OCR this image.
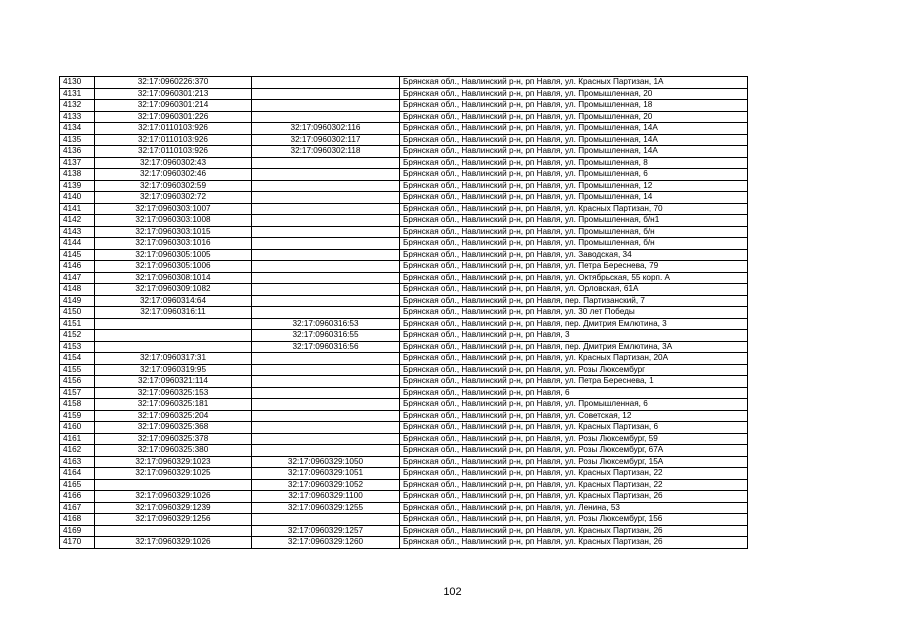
4130	32:17:0960226:370		Брянская обл., Навлинский р-н, рп Навля, ул. Красных Партизан, 1А
4131	32:17:0960301:213		Брянская обл., Навлинский р-н, рп Навля, ул. Промышленная, 20
4132	32:17:0960301:214		Брянская обл., Навлинский р-н, рп Навля, ул. Промышленная, 18
4133	32:17:0960301:226		Брянская обл., Навлинский р-н, рп Навля, ул. Промышленная, 20
4134	32:17:0110103:926	32:17:0960302:116	Брянская обл., Навлинский р-н, рп Навля, ул. Промышленная, 14А
4135	32:17:0110103:926	32:17:0960302:117	Брянская обл., Навлинский р-н, рп Навля, ул. Промышленная, 14А
4136	32:17:0110103:926	32:17:0960302:118	Брянская обл., Навлинский р-н, рп Навля, ул. Промышленная, 14А
4137	32:17:0960302:43		Брянская обл., Навлинский р-н, рп Навля, ул. Промышленная, 8
4138	32:17:0960302:46		Брянская обл., Навлинский р-н, рп Навля, ул. Промышленная, 6
4139	32:17:0960302:59		Брянская обл., Навлинский р-н, рп Навля, ул. Промышленная, 12
4140	32:17:0960302:72		Брянская обл., Навлинский р-н, рп Навля, ул. Промышленная, 14
4141	32:17:0960303:1007		Брянская обл., Навлинский р-н, рп Навля, ул. Красных Партизан, 70
4142	32:17:0960303:1008		Брянская обл., Навлинский р-н, рп Навля, ул. Промышленная, б/н1
4143	32:17:0960303:1015		Брянская обл., Навлинский р-н, рп Навля, ул. Промышленная, б/н
4144	32:17:0960303:1016		Брянская обл., Навлинский р-н, рп Навля, ул. Промышленная, б/н
4145	32:17:0960305:1005		Брянская обл., Навлинский р-н, рп Навля, ул. Заводская, 34
4146	32:17:0960305:1006		Брянская обл., Навлинский р-н, рп Навля, ул. Петра Береснева, 79
4147	32:17:0960308:1014		Брянская обл., Навлинский р-н, рп Навля, ул. Октябрьская, 55 корп. А
4148	32:17:0960309:1082		Брянская обл., Навлинский р-н, рп Навля, ул. Орловская, 61А
4149	32:17:0960314:64		Брянская обл., Навлинский р-н, рп Навля, пер. Партизанский, 7
4150	32:17:0960316:11		Брянская обл., Навлинский р-н, рп Навля, ул. 30 лет Победы
4151		32:17:0960316:53	Брянская обл., Навлинский р-н, рп Навля, пер. Дмитрия Емлютина, 3
4152		32:17:0960316:55	Брянская обл., Навлинский р-н, рп Навля, 3
4153		32:17:0960316:56	Брянская обл., Навлинский р-н, рп Навля, пер. Дмитрия Емлютина, 3А
4154	32:17:0960317:31		Брянская обл., Навлинский р-н, рп Навля, ул. Красных Партизан, 20А
4155	32:17:0960319:95		Брянская обл., Навлинский р-н, рп Навля, ул. Розы Люксембург
4156	32:17:0960321:114		Брянская обл., Навлинский р-н, рп Навля, ул. Петра Береснева, 1
4157	32:17:0960325:153		Брянская обл., Навлинский р-н, рп Навля, 6
4158	32:17:0960325:181		Брянская обл., Навлинский р-н, рп Навля, ул. Промышленная, 6
4159	32:17:0960325:204		Брянская обл., Навлинский р-н, рп Навля, ул. Советская, 12
4160	32:17:0960325:368		Брянская обл., Навлинский р-н, рп Навля, ул. Красных Партизан, 6
4161	32:17:0960325:378		Брянская обл., Навлинский р-н, рп Навля, ул. Розы Люксембург, 59
4162	32:17:0960325:380		Брянская обл., Навлинский р-н, рп Навля, ул. Розы Люксембург, 67А
4163	32:17:0960329:1023	32:17:0960329:1050	Брянская обл., Навлинский р-н, рп Навля, ул. Розы Люксембург, 15А
4164	32:17:0960329:1025	32:17:0960329:1051	Брянская обл., Навлинский р-н, рп Навля, ул. Красных Партизан, 22
4165		32:17:0960329:1052	Брянская обл., Навлинский р-н, рп Навля, ул. Красных Партизан, 22
4166	32:17:0960329:1026	32:17:0960329:1100	Брянская обл., Навлинский р-н, рп Навля, ул. Красных Партизан, 26
4167	32:17:0960329:1239	32:17:0960329:1255	Брянская обл., Навлинский р-н, рп Навля, ул. Ленина, 53
4168	32:17:0960329:1256		Брянская обл., Навлинский р-н, рп Навля, ул. Розы Люксембург, 156
4169		32:17:0960329:1257	Брянская обл., Навлинский р-н, рп Навля, ул. Красных Партизан, 26
4170	32:17:0960329:1026	32:17:0960329:1260	Брянская обл., Навлинский р-н, рп Навля, ул. Красных Партизан, 26
102
